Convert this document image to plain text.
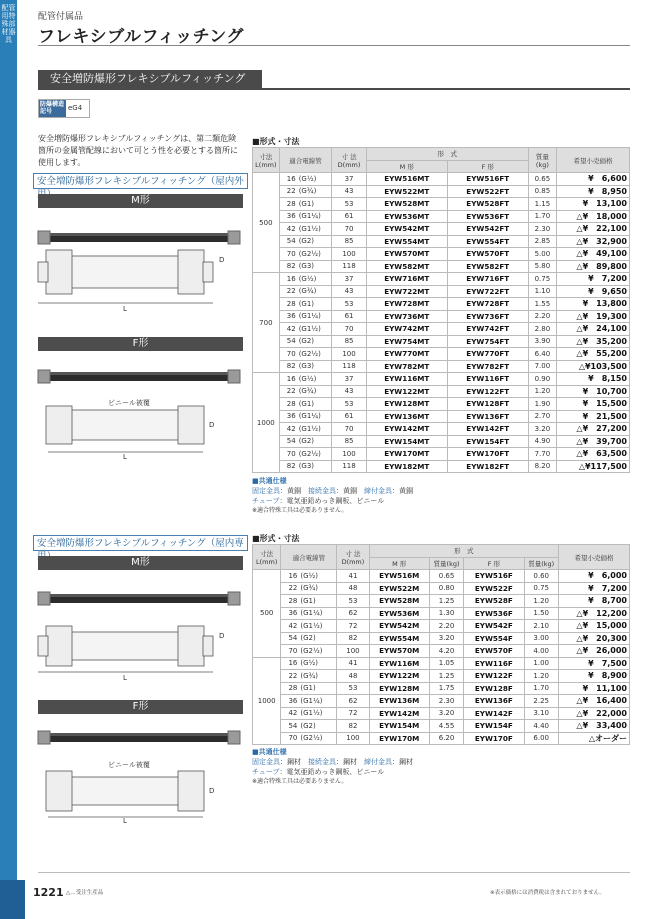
配管用特殊部材器具
配管付属品
フレキシブルフィッチング
安全増防爆形フレキシブルフィッチング
防爆構造記号	eG4
安全増防爆形フレキシブルフィッチングは、第二類危険箇所の金属管配線において可とう性を必要とする箇所に使用します。
安全増防爆形フレキシブルフィッチング（屋内外
M形
L
D
F形
ビニール被覆
L
D
■形式・寸法
寸法
L(mm)	適合電線管	寸 法
D(mm)	形　式		質量
(kg)	希望小売価格
			M 形	F 形		
500	16 (G½)	37	EYW516MT	EYW516FT	0.65	¥　6,600
	22 (G¾)	43	EYW522MT	EYW522FT	0.85	¥　8,950
	28 (G1)	53	EYW528MT	EYW528FT	1.15	¥　13,100
	36 (G1¼)	61	EYW536MT	EYW536FT	1.70	△¥　18,000
	42 (G1½)	70	EYW542MT	EYW542FT	2.30	△¥　22,100
	54 (G2)	85	EYW554MT	EYW554FT	2.85	△¥　32,900
	70 (G2½)	100	EYW570MT	EYW570FT	5.00	△¥　49,100
	82 (G3)	118	EYW582MT	EYW582FT	5.80	△¥　89,800
700	16 (G½)	37	EYW716MT	EYW716FT	0.75	¥　7,200
	22 (G¾)	43	EYW722MT	EYW722FT	1.10	¥　9,650
	28 (G1)	53	EYW728MT	EYW728FT	1.55	¥　13,800
	36 (G1¼)	61	EYW736MT	EYW736FT	2.20	△¥　19,300
	42 (G1½)	70	EYW742MT	EYW742FT	2.80	△¥　24,100
	54 (G2)	85	EYW754MT	EYW754FT	3.90	△¥　35,200
	70 (G2½)	100	EYW770MT	EYW770FT	6.40	△¥　55,200
	82 (G3)	118	EYW782MT	EYW782FT	7.00	△¥103,500
1000	16 (G½)	37	EYW116MT	EYW116FT	0.90	¥　8,150
	22 (G¾)	43	EYW122MT	EYW122FT	1.20	¥　10,700
	28 (G1)	53	EYW128MT	EYW128FT	1.90	¥　15,500
	36 (G1¼)	61	EYW136MT	EYW136FT	2.70	¥　21,500
	42 (G1½)	70	EYW142MT	EYW142FT	3.20	△¥　27,200
	54 (G2)	85	EYW154MT	EYW154FT	4.90	△¥　39,700
	70 (G2½)	100	EYW170MT	EYW170FT	7.70	△¥　63,500
	82 (G3)	118	EYW182MT	EYW182FT	8.20	△¥117,500
■共通仕様
固定金具：黄銅　 接続金具：黄銅　 締付金具：黄銅
チューブ：電気亜鉛めっき鋼板、ビニール
※適合特殊工具は必要ありません。
安全増防爆形フレキシブルフィッチング（屋内専
M形
L
D
F形
ビニール被覆
L
D
■形式・寸法
寸法
L(mm)	適合電線管	寸 法
D(mm)	形　式				希望小売価格
			M 形	質量(kg)	F 形	質量(kg)	
500	16 (G½)	41	EYW516M	0.65	EYW516F	0.60	¥　6,000
	22 (G¾)	48	EYW522M	0.80	EYW522F	0.75	¥　7,200
	28 (G1)	53	EYW528M	1.25	EYW528F	1.20	¥　8,700
	36 (G1¼)	62	EYW536M	1.30	EYW536F	1.50	△¥　12,200
	42 (G1½)	72	EYW542M	2.20	EYW542F	2.10	△¥　15,000
	54 (G2)	82	EYW554M	3.20	EYW554F	3.00	△¥　20,300
	70 (G2½)	100	EYW570M	4.20	EYW570F	4.00	△¥　26,000
1000	16 (G½)	41	EYW116M	1.05	EYW116F	1.00	¥　7,500
	22 (G¾)	48	EYW122M	1.25	EYW122F	1.20	¥　8,900
	28 (G1)	53	EYW128M	1.75	EYW128F	1.70	¥　11,100
	36 (G1¼)	62	EYW136M	2.30	EYW136F	2.25	△¥　16,400
	42 (G1½)	72	EYW142M	3.20	EYW142F	3.10	△¥　22,000
	54 (G2)	82	EYW154M	4.55	EYW154F	4.40	△¥　33,400
	70 (G2½)	100	EYW170M	6.20	EYW170F	6.00	△オーダー
■共通仕様
固定金具：鋼材　 接続金具：鋼材　 締付金具：鋼材
チューブ：電気亜鉛めっき鋼板、ビニール
※適合特殊工具は必要ありません。
1221 △…受注生産品	※表示価格には消費税は含まれておりません。
